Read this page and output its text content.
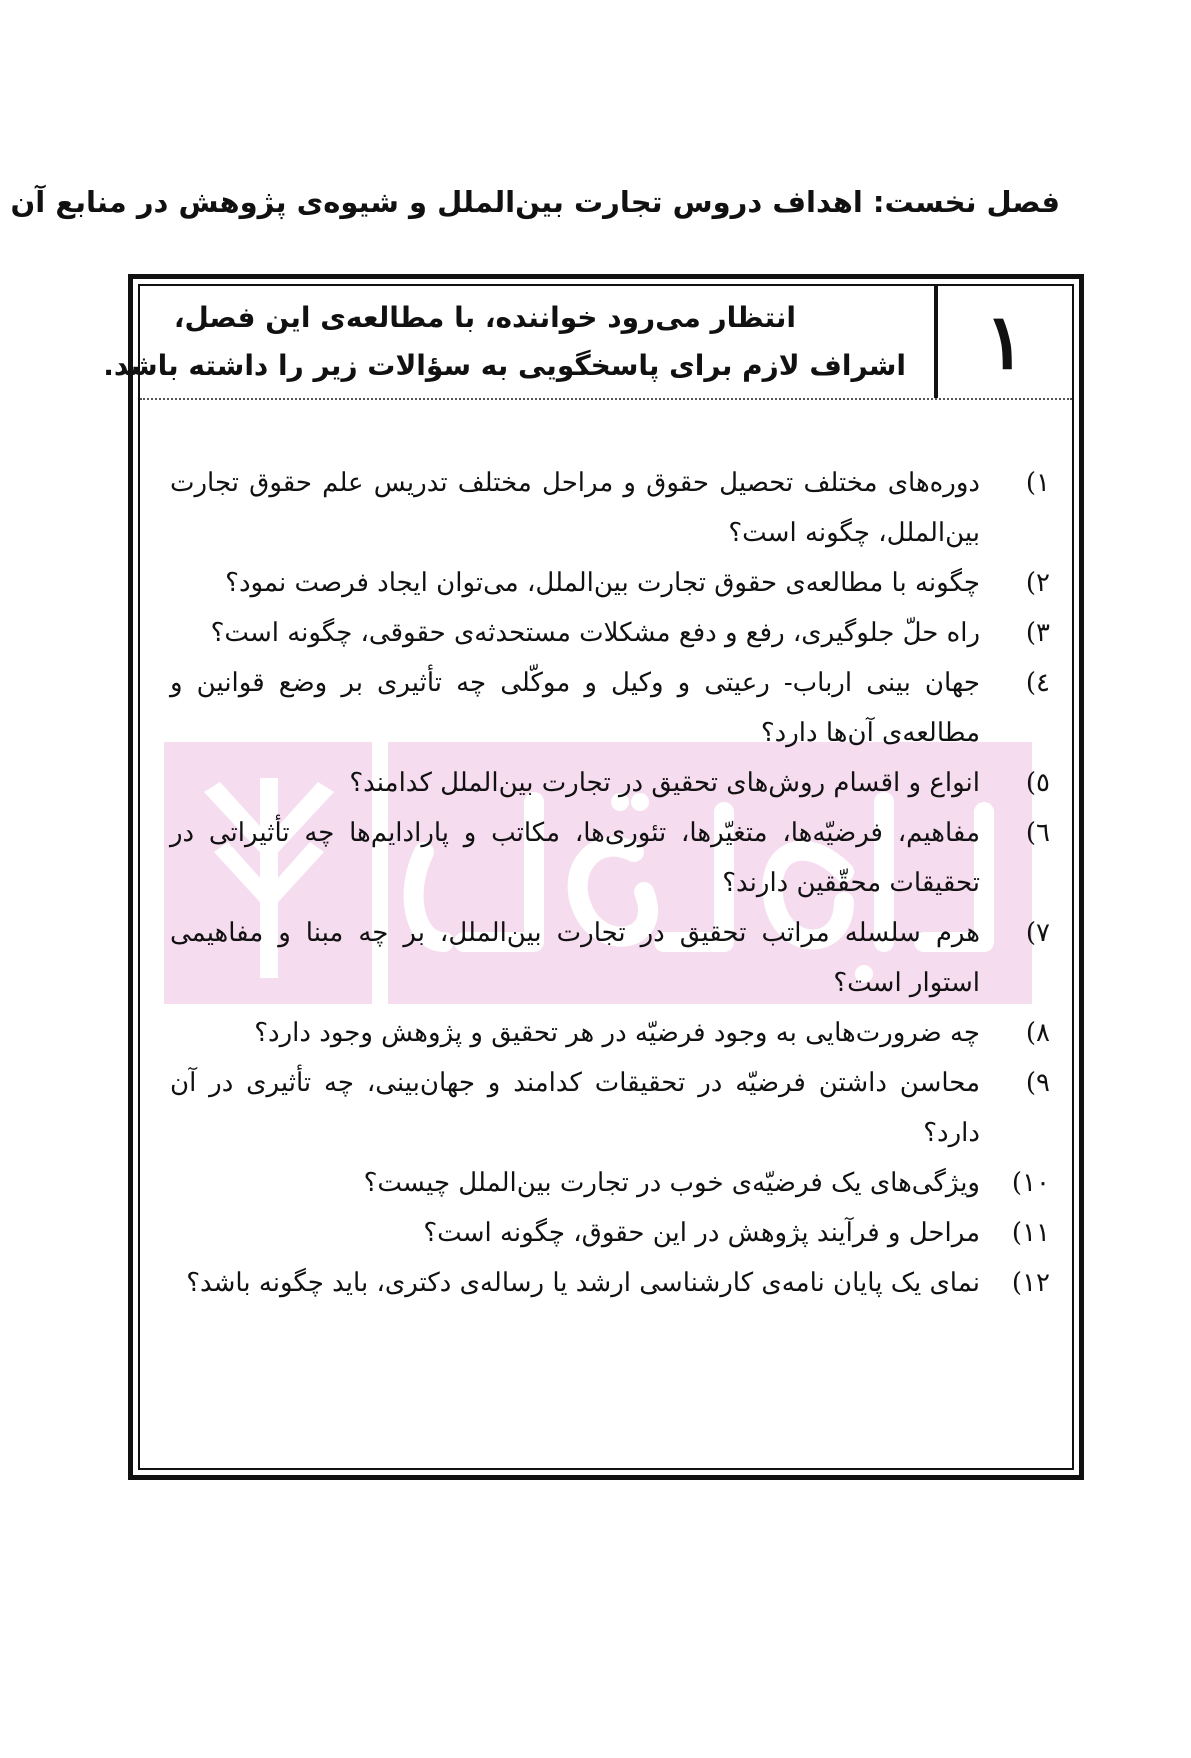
فصل نخست: اهداف دروس تجارت بین‌الملل و شیوه‌ی پژوهش در منابع آن
۱
انتظار می‌رود خواننده، با مطالعه‌ی این فصل،
اشراف لازم برای پاسخگویی به سؤالات زیر را داشته باشد.
۱)
دوره‌های مختلف تحصیل حقوق و مراحل مختلف تدریس علم حقوق تجارت بین‌الملل، چگونه است؟
۲)
چگونه با مطالعه‌ی حقوق تجارت بین‌الملل، می‌توان ایجاد فرصت نمود؟
۳)
راه حلّ جلوگیری، رفع و دفع مشکلات مستحدثه‌ی حقوقی، چگونه است؟
٤)
جهان بینی ارباب- رعیتی و وکیل و موکّلی چه تأثیری بر وضع قوانین و مطالعه‌ی آن‌ها دارد؟
٥)
انواع و اقسام روش‌های تحقیق در تجارت بین‌الملل کدامند؟
٦)
مفاهیم، فرضیّه‌ها، متغیّرها، تئوری‌ها، مکاتب و پارادایم‌ها چه تأثیراتی در تحقیقات محقّقین دارند؟
۷)
هرم سلسله مراتب تحقیق در تجارت بین‌الملل، بر چه مبنا و مفاهیمی استوار است؟
۸)
چه ضرورت‌هایی به وجود فرضیّه در هر تحقیق و پژوهش وجود دارد؟
۹)
محاسن داشتن فرضیّه در تحقیقات کدامند و جهان‌بینی، چه تأثیری در آن دارد؟
۱۰)
ویژگی‌های یک فرضیّه‌ی خوب در تجارت بین‌الملل چیست؟
۱۱)
مراحل و فرآیند پژوهش در این حقوق، چگونه است؟
۱۲)
نمای یک پایان نامه‌ی کارشناسی ارشد یا رساله‌ی دکتری، باید چگونه باشد؟
